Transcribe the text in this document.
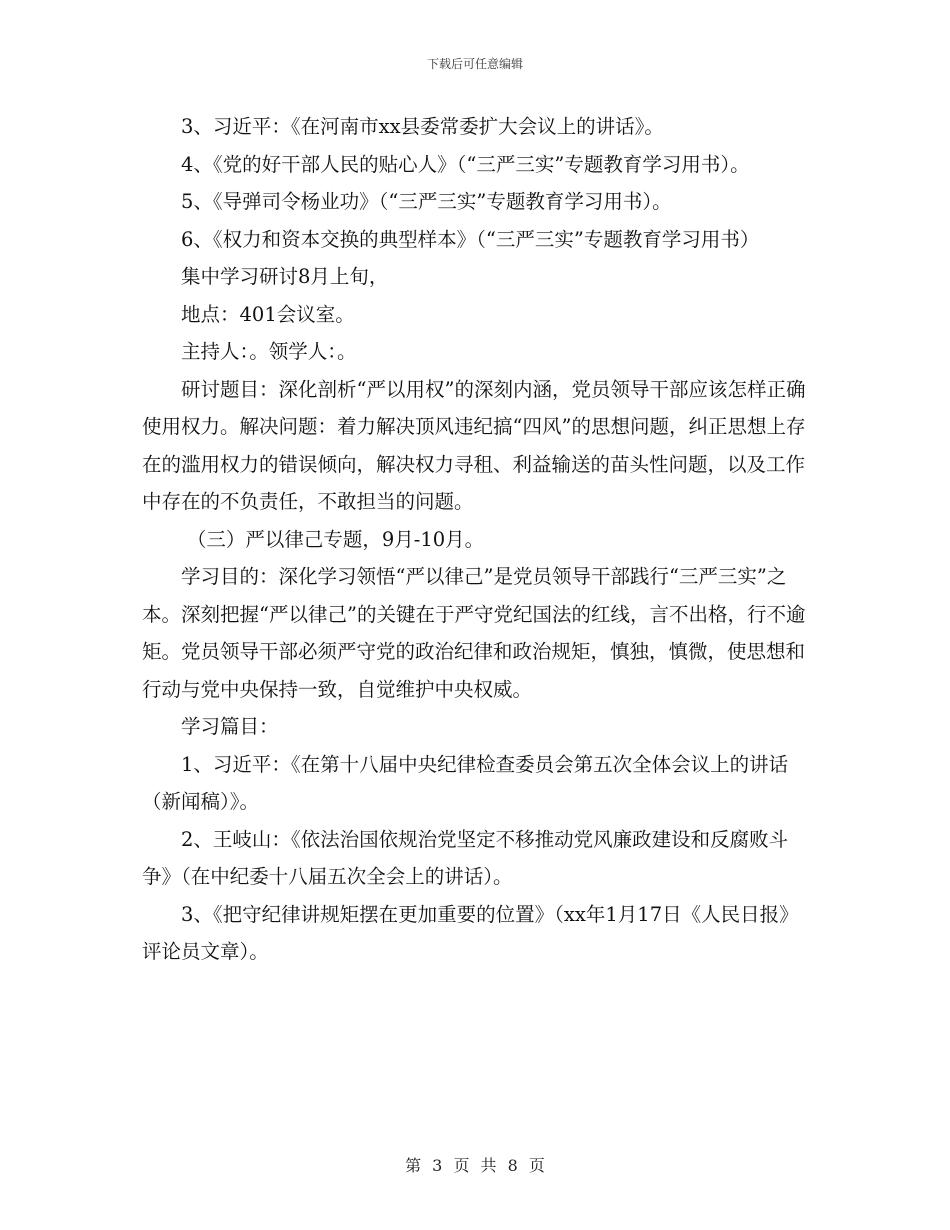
下载后可任意编辑

3、习近平：《在河南市xx县委常委扩大会议上的讲话》。

4、《党的好干部人民的贴心人》（“三严三实”专题教育学习用书）。

5、《导弹司令杨业功》（“三严三实”专题教育学习用书）。

6、《权力和资本交换的典型样本》（“三严三实”专题教育学习用书）

集中学习研讨8月上旬，

地点：401会议室。

主持人：。领学人：。

研讨题目：深化剖析“严以用权”的深刻内涵，党员领导干部应该怎样正确使用权力。解决问题：着力解决顶风违纪搞“四风”的思想问题，纠正思想上存在的滥用权力的错误倾向，解决权力寻租、利益输送的苗头性问题，以及工作中存在的不负责任，不敢担当的问题。

（三）严以律己专题，9月-10月。

学习目的：深化学习领悟“严以律己”是党员领导干部践行“三严三实”之本。深刻把握“严以律己”的关键在于严守党纪国法的红线，言不出格，行不逾矩。党员领导干部必须严守党的政治纪律和政治规矩，慎独，慎微，使思想和行动与党中央保持一致，自觉维护中央权威。

学习篇目：

1、习近平：《在第十八届中央纪律检查委员会第五次全体会议上的讲话（新闻稿）》。

2、王岐山：《依法治国依规治党坚定不移推动党风廉政建设和反腐败斗争》（在中纪委十八届五次全会上的讲话）。

3、《把守纪律讲规矩摆在更加重要的位置》（xx年1月17日《人民日报》评论员文章）。

第 3 页 共 8 页
